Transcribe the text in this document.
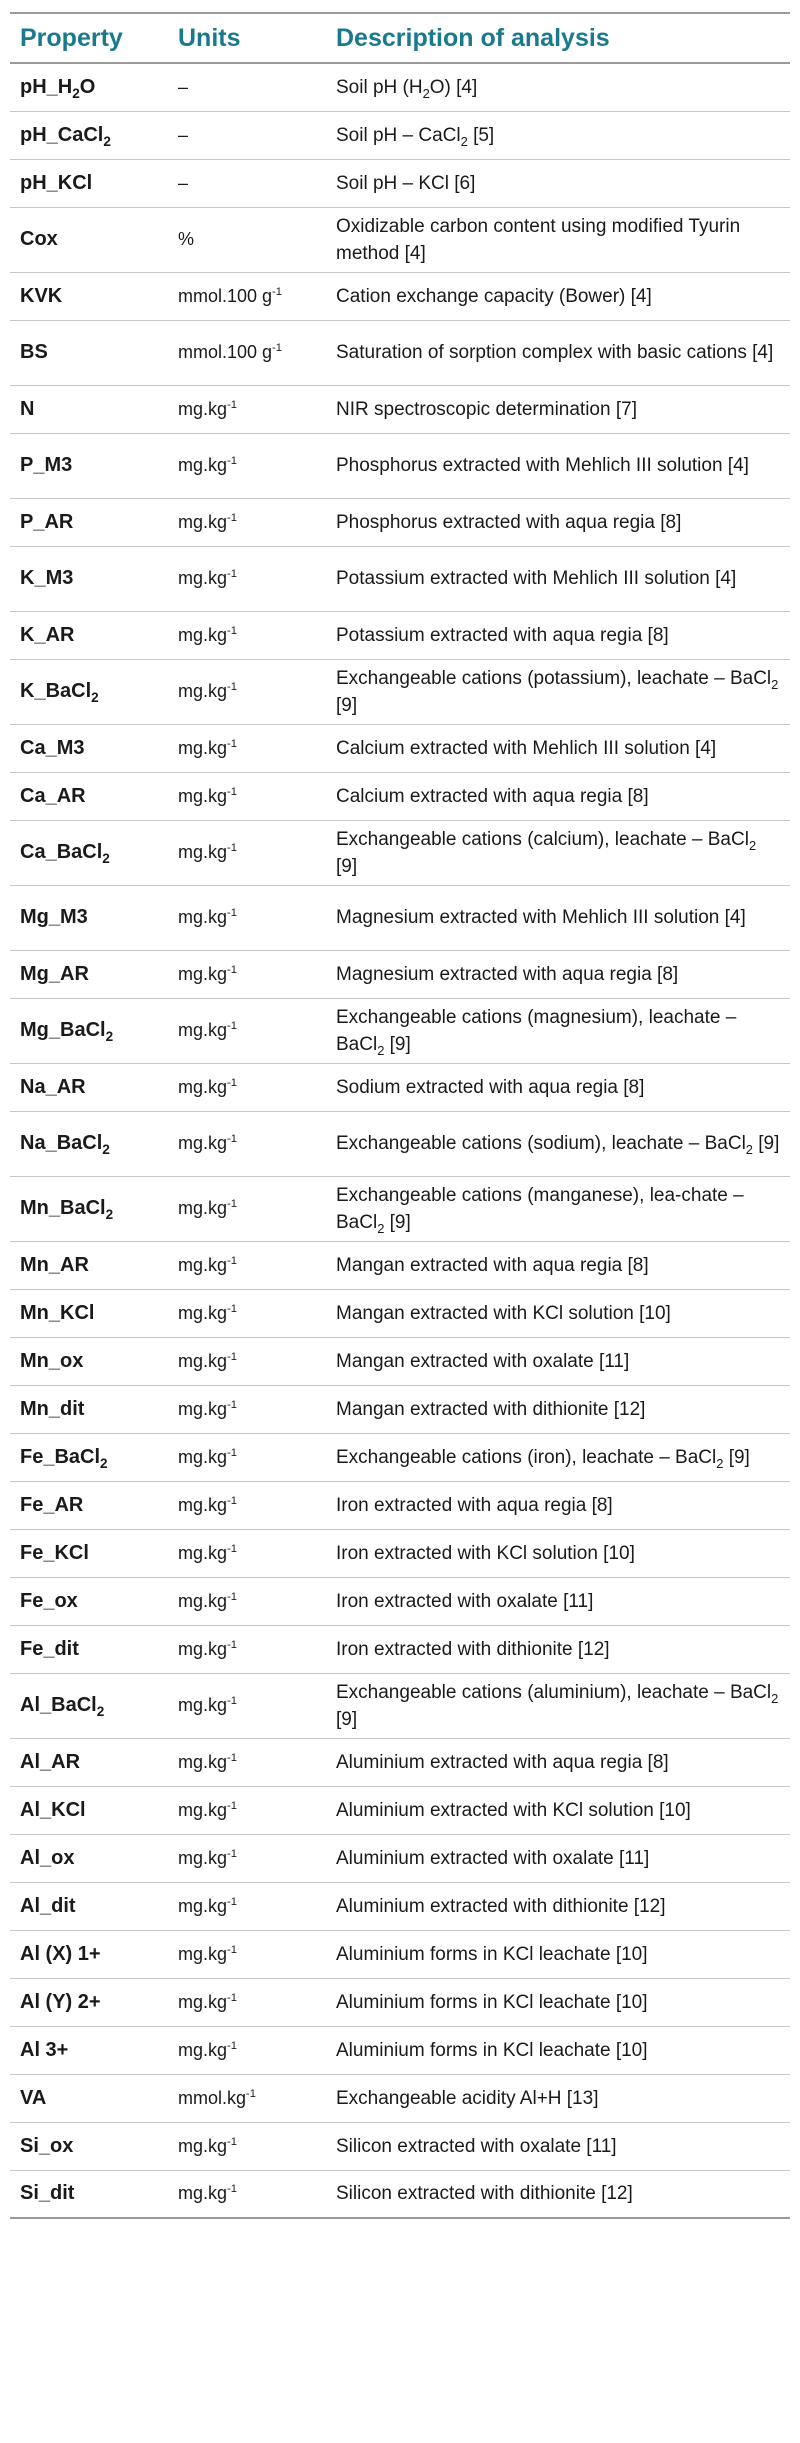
Property	Units	Description of analysis
$pH\_H_2O$	–	Soil pH $(H_2O)$ [4]
pH_CaCl$_2$	–	Soil pH – CaCl$_2$ [5]
pH_KCl	–	Soil pH – KCl [6]
Cox	%	Oxidizable carbon content using modified Tyurin method [4]
KVK	mmol.100 $g^{-1}$	Cation exchange capacity (Bower) [4]
BS	mmol.100 $g^{-1}$	Saturation of sorption complex with basic cations [4]
N	$mg.kg^{-1}$	NIR spectroscopic determination [7]
P_M3	$mg.kg^{-1}$	Phosphorus extracted with Mehlich III solution [4]
P_AR	$mg.kg^{-1}$	Phosphorus extracted with aqua regia [8]
K_M3	$mg.kg^{-1}$	Potassium extracted with Mehlich III solution [4]
K_AR	$mg.kg^{-1}$	Potassium extracted with aqua regia [8]
K_BaCl$_2$	$mg.kg^{-1}$	Exchangeable cations (potassium), leachate – BaCl$_2$ [9]
Ca_M3	$mg.kg^{-1}$	Calcium extracted with Mehlich III solution [4]
Ca_AR	$mg.kg^{-1}$	Calcium extracted with aqua regia [8]
Ca_BaCl$_2$	$mg.kg^{-1}$	Exchangeable cations (calcium), leachate – BaCl$_2$ [9]
Mg_M3	$mg.kg^{-1}$	Magnesium extracted with Mehlich III solution [4]
Mg_AR	$mg.kg^{-1}$	Magnesium extracted with aqua regia [8]
Mg_BaCl$_2$	$mg.kg^{-1}$	Exchangeable cations (magnesium), leachate – BaCl$_2$ [9]
Na_AR	$mg.kg^{-1}$	Sodium extracted with aqua regia [8]
Na_BaCl$_2$	$mg.kg^{-1}$	Exchangeable cations (sodium), leachate – BaCl$_2$ [9]
Mn_BaCl$_2$	$mg.kg^{-1}$	Exchangeable cations (manganese), lea-chate – BaCl$_2$ [9]
Mn_AR	$mg.kg^{-1}$	Mangan extracted with aqua regia [8]
Mn_KCl	$mg.kg^{-1}$	Mangan extracted with KCl solution [10]
Mn_ox	$mg.kg^{-1}$	Mangan extracted with oxalate [11]
Mn_dit	$mg.kg^{-1}$	Mangan extracted with dithionite [12]
Fe_BaCl$_2$	$mg.kg^{-1}$	Exchangeable cations (iron), leachate – BaCl$_2$ [9]
Fe_AR	$mg.kg^{-1}$	Iron extracted with aqua regia [8]
Fe_KCl	$mg.kg^{-1}$	Iron extracted with KCl solution [10]
Fe_ox	$mg.kg^{-1}$	Iron extracted with oxalate [11]
Fe_dit	$mg.kg^{-1}$	Iron extracted with dithionite [12]
Al_BaCl$_2$	$mg.kg^{-1}$	Exchangeable cations (aluminium), leachate – BaCl$_2$ [9]
Al_AR	$mg.kg^{-1}$	Aluminium extracted with aqua regia [8]
Al_KCl	$mg.kg^{-1}$	Aluminium extracted with KCl solution [10]
Al_ox	$mg.kg^{-1}$	Aluminium extracted with oxalate [11]
Al_dit	$mg.kg^{-1}$	Aluminium extracted with dithionite [12]
Al (X) 1+	$mg.kg^{-1}$	Aluminium forms in KCl leachate [10]
Al (Y) 2+	$mg.kg^{-1}$	Aluminium forms in KCl leachate [10]
Al 3+	$mg.kg^{-1}$	Aluminium forms in KCl leachate [10]
VA	$mmol.kg^{-1}$	Exchangeable acidity Al+H [13]
Si_ox	$mg.kg^{-1}$	Silicon extracted with oxalate [11]
Si_dit	$mg.kg^{-1}$	Silicon extracted with dithionite [12]
